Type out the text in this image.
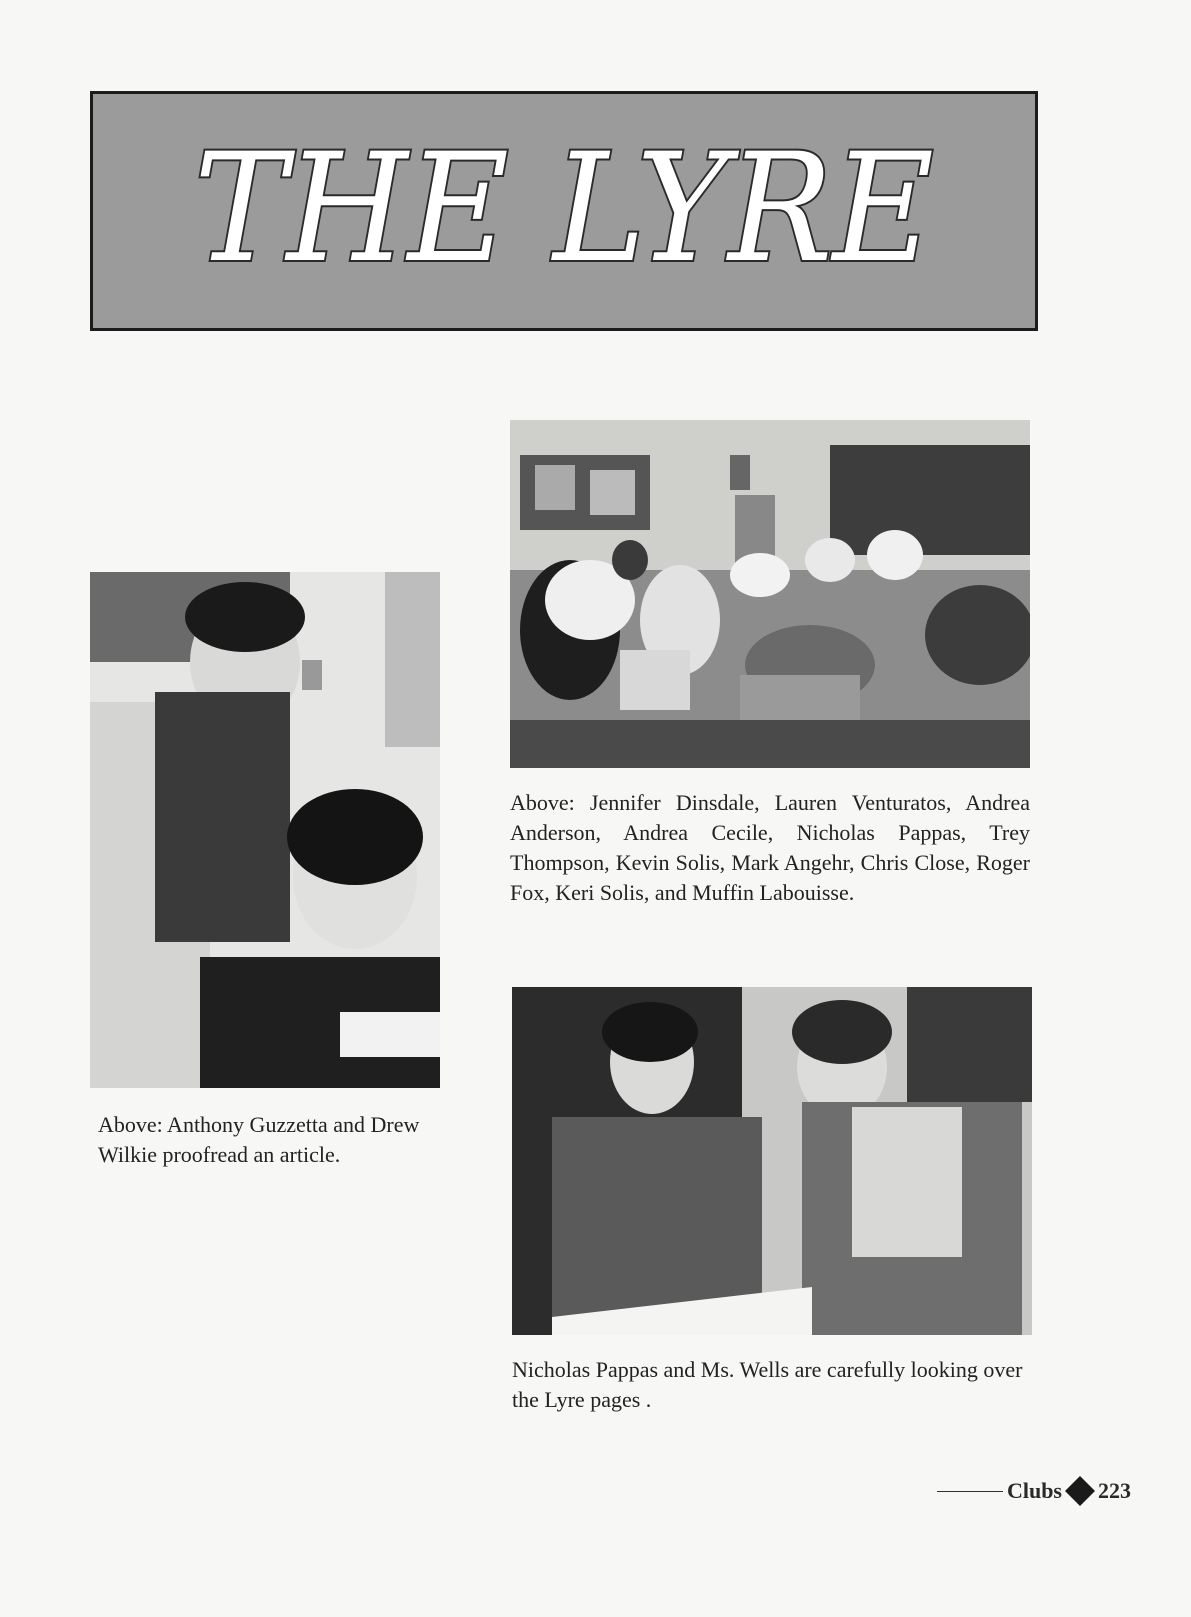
THE LYRE

Above: Jennifer Dinsdale, Lauren Venturatos, Andrea Anderson, Andrea Cecile, Nicholas Pappas, Trey Thompson, Kevin Solis, Mark Angehr, Chris Close, Roger Fox, Keri Solis, and Muffin Labouisse.

Above: Anthony Guzzetta and Drew Wilkie proofread an article.

Nicholas Pappas and Ms. Wells are carefully looking over the Lyre pages .

Clubs 223
